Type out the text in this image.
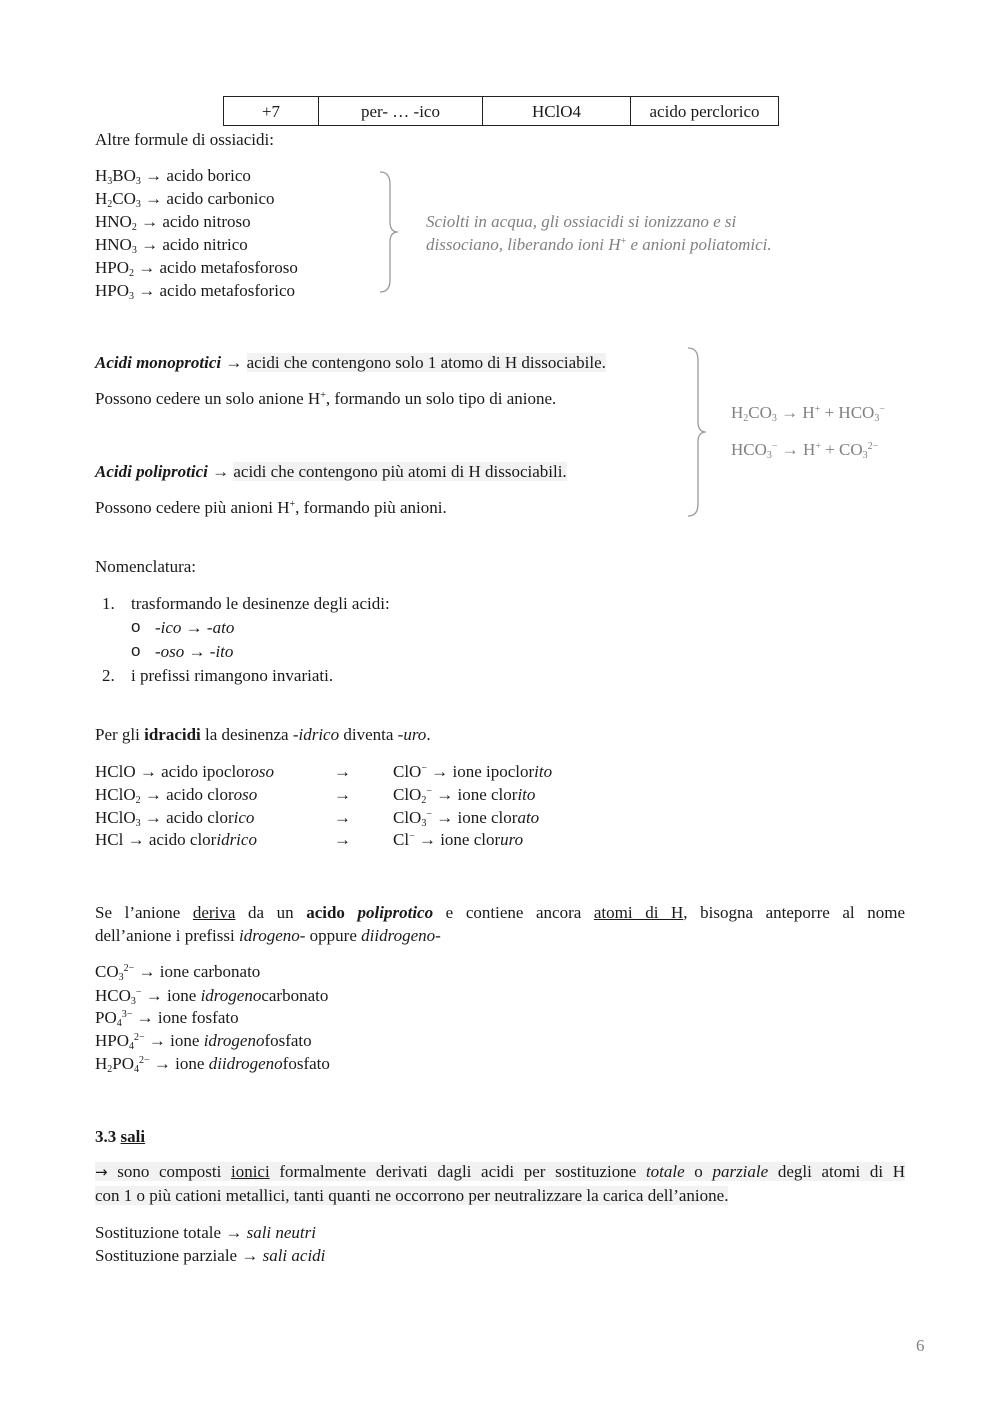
+7	per- … -ico	HClO4	acido perclorico
Altre formule di ossiacidi:
$H_3BO_3$ → acido borico
$H_2CO_3$ → acido carbonico
$HNO_2$ → acido nitroso
$HNO_3$ → acido nitrico
$HPO_2$ → acido metafosforoso
$HPO_3$ → acido metafosforico
Sciolti in acqua, gli ossiacidi si ionizzano e si
dissociano, liberando ioni H+ e anioni poliatomici.
Acidi monoprotici → acidi che contengono solo 1 atomo di H dissociabile.
Possono cedere un solo anione H+, formando un solo tipo di anione.
Acidi poliprotici → acidi che contengono più atomi di H dissociabili.
Possono cedere più anioni H+, formando più anioni.
$H_2CO_3 \to H^+ + HCO_3^-$
$HCO_3^- \to H^+ + CO_3^{2-}$
Nomenclatura:
1. trasformando le desinenze degli acidi:
o -ico → -ato
o -oso → -ito
2. i prefissi rimangono invariati.
Per gli idracidi la desinenza -idrico diventa -uro.
HClO → acido ipocloroso	→ ClO− → ione ipoclorito
HClO$_2$ → acido cloroso	→ ClO$_2$− → ione clorito
HClO$_3$ → acido clorico	→ ClO$_3$− → ione clorato
HCl → acido cloridrico	→ Cl− → ione cloruro
Se l’anione deriva da un acido poliprotico e contiene ancora atomi di H, bisogna anteporre al nome
dell’anione i prefissi idrogeno- oppure diidrogeno-
$CO_3^{2-}$ → ione carbonato
$HCO_3^-$ → ione idrogenocarbonato
$PO_4^{3-}$ → ione fosfato
$HPO_4^{2-}$ → ione idrogenofosfato
$H_2PO_4^{2-}$ → ione diidrogenofosfato
3.3 sali
→ sono composti ionici formalmente derivati dagli acidi per sostituzione totale o parziale degli atomi di H
con 1 o più cationi metallici, tanti quanti ne occorrono per neutralizzare la carica dell’anione.
Sostituzione totale → sali neutri
Sostituzione parziale → sali acidi
6
